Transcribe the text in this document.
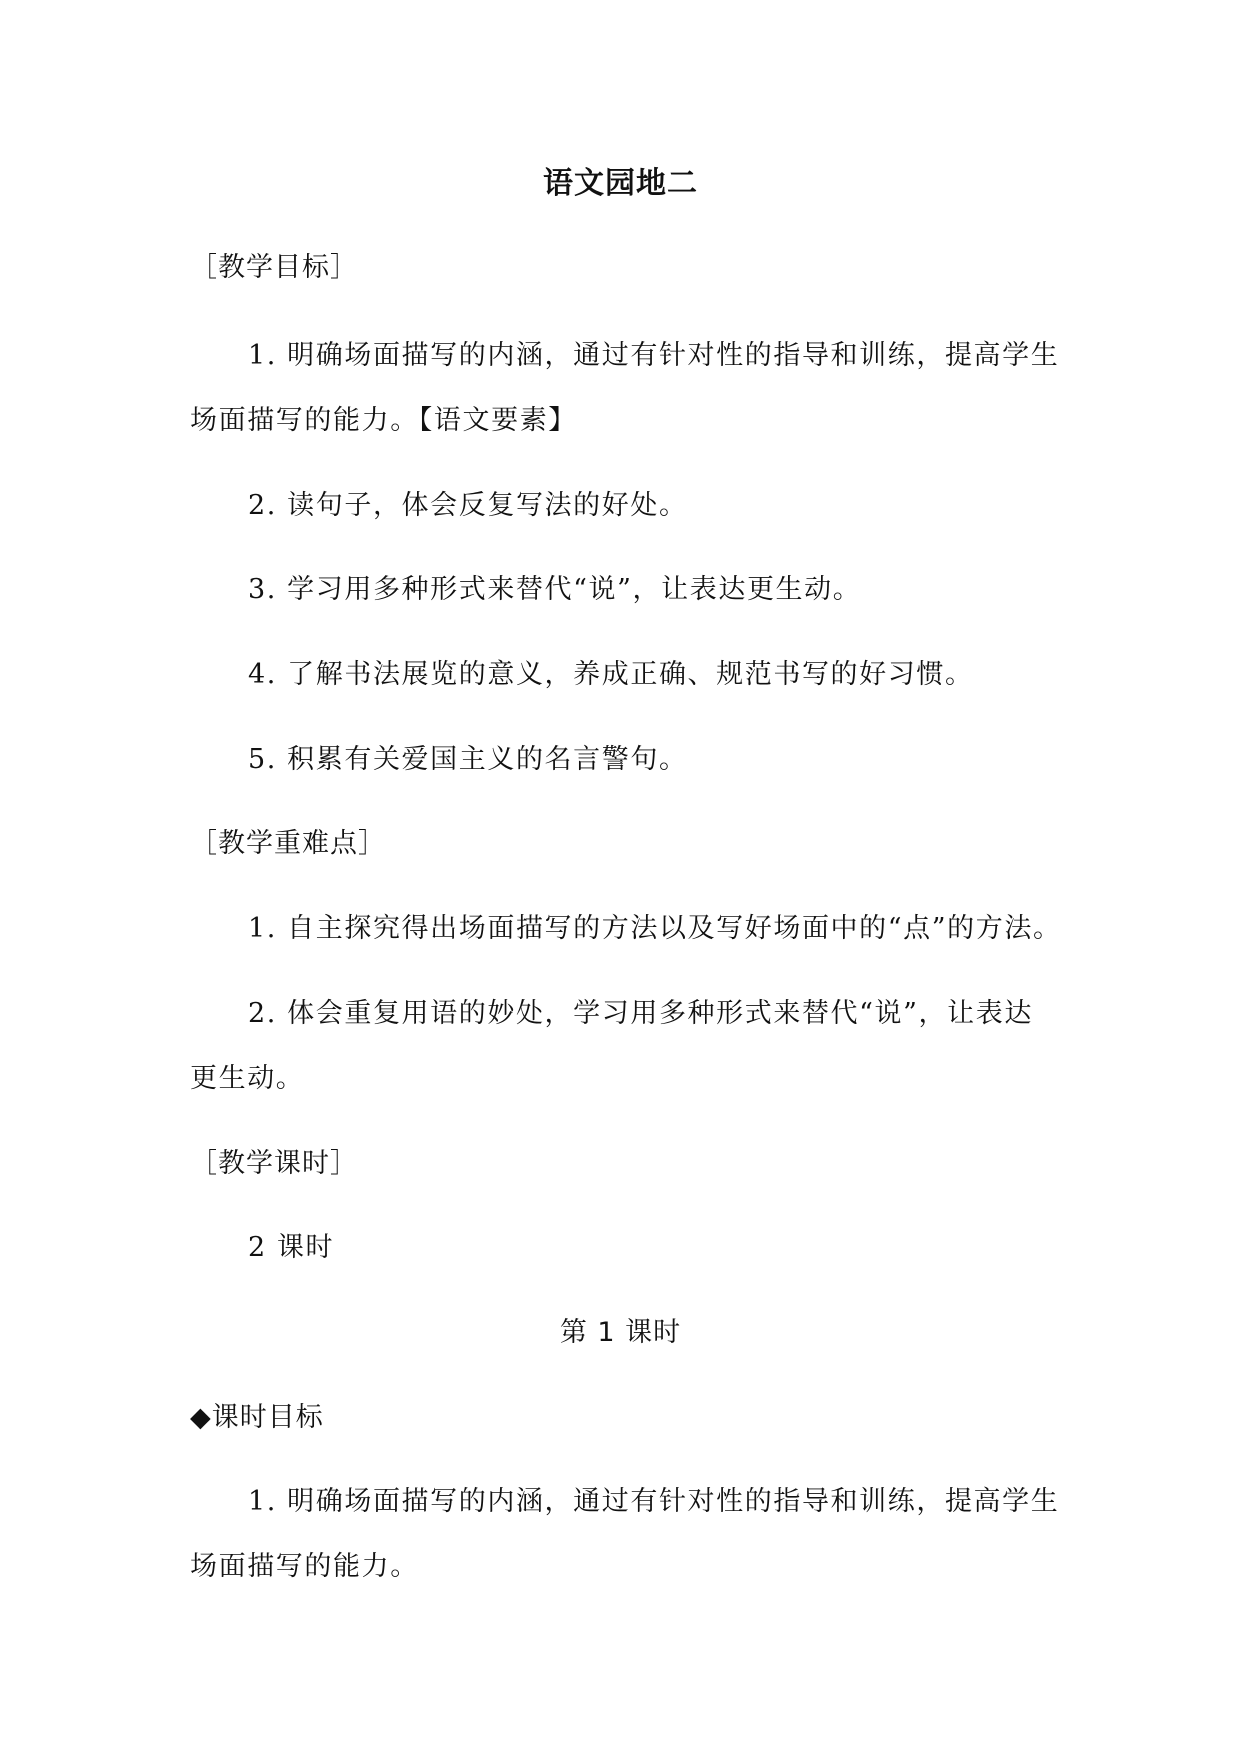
语文园地二
［教学目标］
1. 明确场面描写的内涵，通过有针对性的指导和训练，提高学生
场面描写的能力。【语文要素】
2. 读句子，体会反复写法的好处。
3. 学习用多种形式来替代“说”，让表达更生动。
4. 了解书法展览的意义，养成正确、规范书写的好习惯。
5. 积累有关爱国主义的名言警句。
［教学重难点］
1. 自主探究得出场面描写的方法以及写好场面中的“点”的方法。
2. 体会重复用语的妙处，学习用多种形式来替代“说”，让表达
更生动。
［教学课时］
2 课时
第 1 课时
◆课时目标
1. 明确场面描写的内涵，通过有针对性的指导和训练，提高学生
场面描写的能力。
